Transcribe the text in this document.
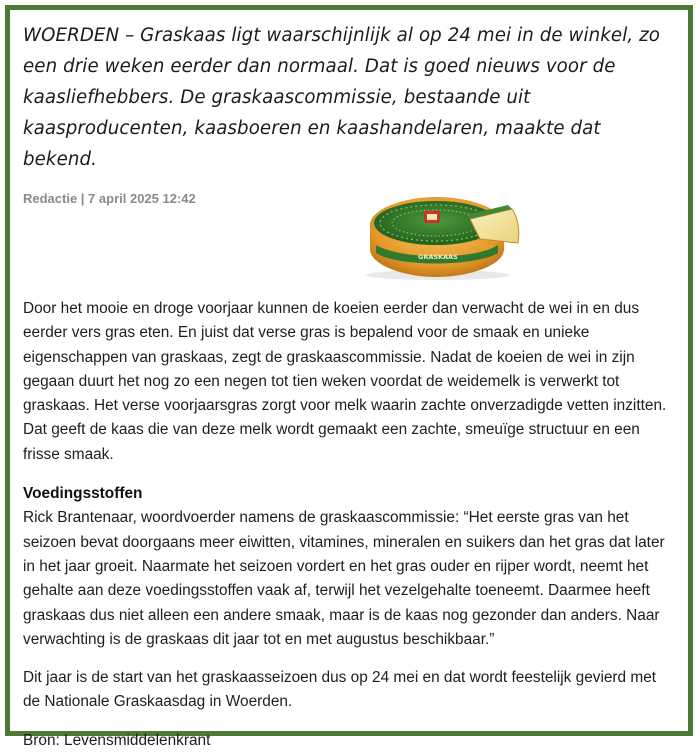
WOERDEN – Graskaas ligt waarschijnlijk al op 24 mei in de winkel, zo een drie weken eerder dan normaal. Dat is goed nieuws voor de kaasliefhebbers. De graskaascommissie, bestaande uit kaasproducenten, kaasboeren en kaashandelaren, maakte dat bekend.
Redactie | 7 april 2025 12:42
GRASKAAS

Door het mooie en droge voorjaar kunnen de koeien eerder dan verwacht de wei in en dus eerder vers gras eten. En juist dat verse gras is bepalend voor de smaak en unieke eigenschappen van graskaas, zegt de graskaascommissie. Nadat de koeien de wei in zijn gegaan duurt het nog zo een negen tot tien weken voordat de weidemelk is verwerkt tot graskaas. Het verse voorjaarsgras zorgt voor melk waarin zachte onverzadigde vetten inzitten. Dat geeft de kaas die van deze melk wordt gemaakt een zachte, smeuïge structuur en een frisse smaak.

Voedingsstoffen

Rick Brantenaar, woordvoerder namens de graskaascommissie: “Het eerste gras van het seizoen bevat doorgaans meer eiwitten, vitamines, mineralen en suikers dan het gras dat later in het jaar groeit. Naarmate het seizoen vordert en het gras ouder en rijper wordt, neemt het gehalte aan deze voedingsstoffen vaak af, terwijl het vezelgehalte toeneemt. Daarmee heeft graskaas dus niet alleen een andere smaak, maar is de kaas nog gezonder dan anders. Naar verwachting is de graskaas dit jaar tot en met augustus beschikbaar.”

Dit jaar is de start van het graskaasseizoen dus op 24 mei en dat wordt feestelijk gevierd met de Nationale Graskaasdag in Woerden.

Bron: Levensmiddelenkrant
